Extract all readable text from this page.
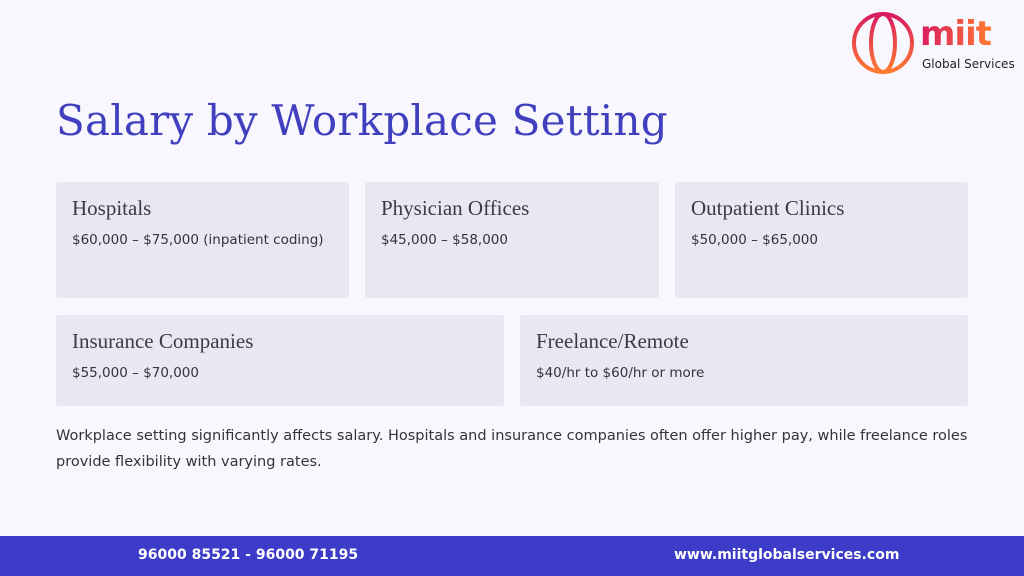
miit
Global Services
Salary by Workplace Setting
Hospitals
$60,000 – $75,000 (inpatient coding)
Physician Offices
$45,000 – $58,000
Outpatient Clinics
$50,000 – $65,000
Insurance Companies
$55,000 – $70,000
Freelance/Remote
$40/hr to $60/hr or more

Workplace setting significantly affects salary. Hospitals and insurance companies often offer higher pay, while freelance roles provide flexibility with varying rates.

96000 85521 - 96000 71195	www.miitglobalservices.com
